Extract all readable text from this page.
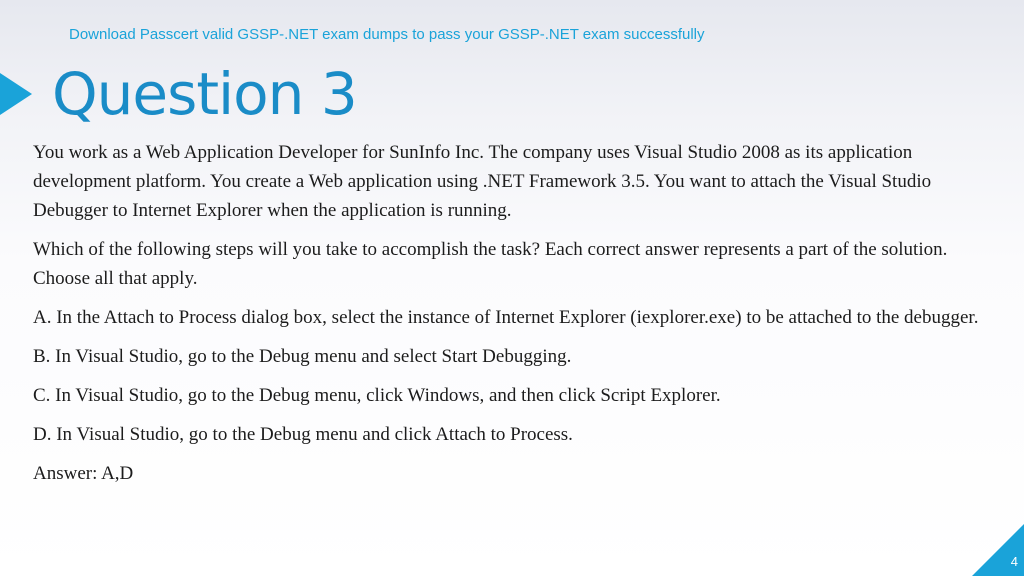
Download Passcert valid GSSP-.NET exam dumps to pass your GSSP-.NET exam successfully
Question 3

You work as a Web Application Developer for SunInfo Inc. The company uses Visual Studio 2008 as its application development platform. You create a Web application using .NET Framework 3.5. You want to attach the Visual Studio Debugger to Internet Explorer when the application is running.

Which of the following steps will you take to accomplish the task? Each correct answer represents a part of the solution. Choose all that apply.

A. In the Attach to Process dialog box, select the instance of Internet Explorer (iexplorer.exe) to be attached to the debugger.

B. In Visual Studio, go to the Debug menu and select Start Debugging.

C. In Visual Studio, go to the Debug menu, click Windows, and then click Script Explorer.

D. In Visual Studio, go to the Debug menu and click Attach to Process.

Answer: A,D

4
